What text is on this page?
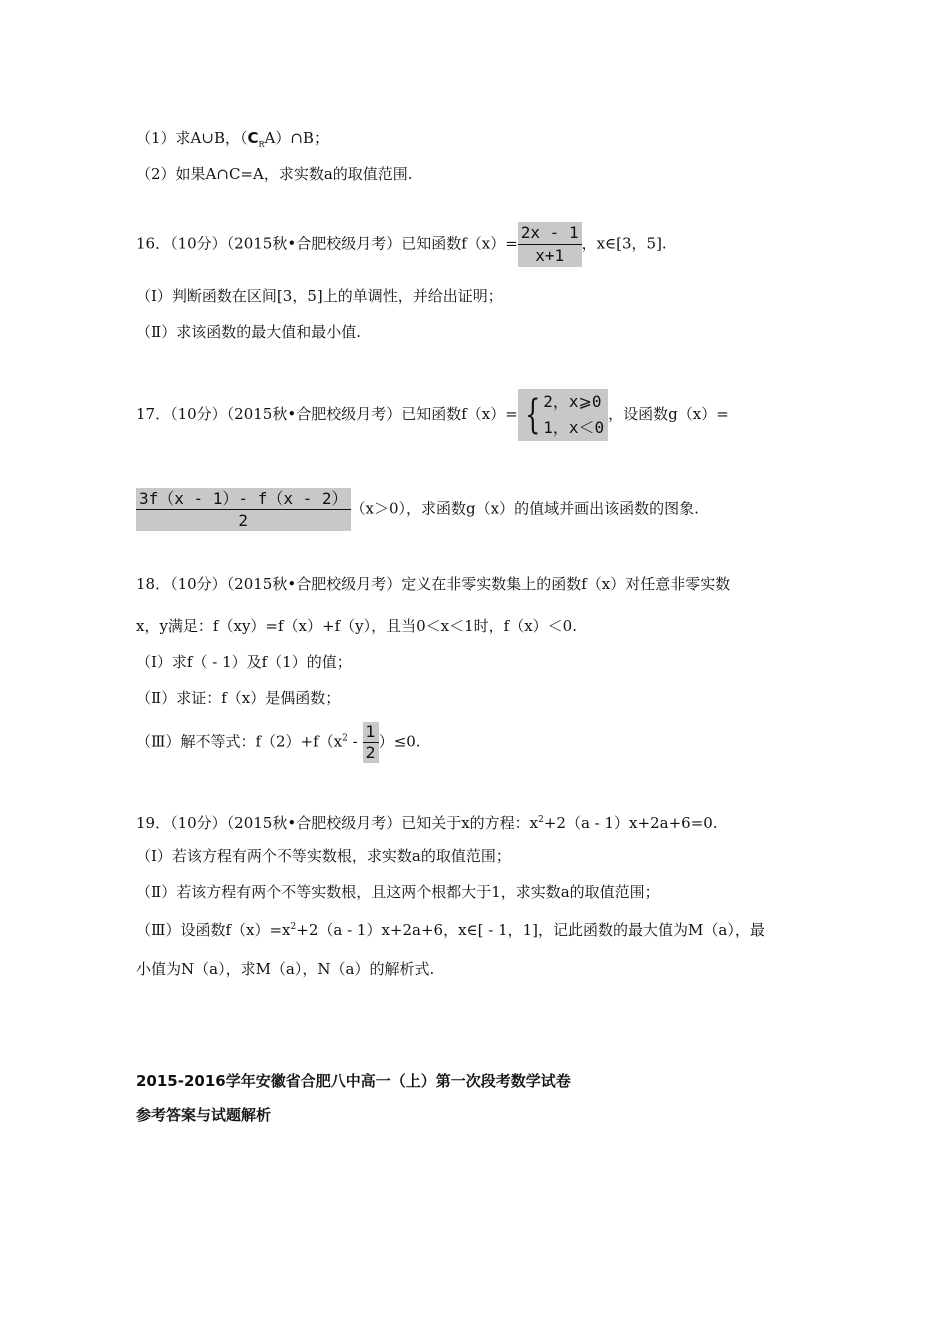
（1）求A∪B，$(C_RA)\cap B$；
（2）如果A∩C=A，求实数a的取值范围.
16．（10分）（2015秋•合肥校级月考）已知函数$f(x)= \frac{2x - 1}{x+1}$ ，x∈[3，5].
（Ⅰ）判断函数在区间[3，5]上的单调性，并给出证明；
（Ⅱ）求该函数的最大值和最小值.
17．（10分）（2015秋•合肥校级月考）已知函数f（x）= { 2，x⩾0
1，x＜0
，设函数g（x）=
$\frac{3f(x - 1)- f(x - 2)}{2} (x>0)$，求函数g（x）的值域并画出该函数的图象.
18．（10分）（2015秋•合肥校级月考）定义在非零实数集上的函数f（x）对任意非零实数
x，y满足：f（xy）=f（x）+f（y），且当0＜x＜1时，f（x）＜0.
（Ⅰ）求f（ - 1）及f（1）的值；
（Ⅱ）求证：f（x）是偶函数；
（Ⅲ）解不等式：$f(2)+f(x^2 - \frac{1}{2} )\le 0$.
19．（10分）（2015秋•合肥校级月考）已知关于x的方程：$x^2+2(a - 1)x+2a+6=0$.
（Ⅰ）若该方程有两个不等实数根，求实数a的取值范围；
（Ⅱ）若该方程有两个不等实数根，且这两个根都大于1，求实数a的取值范围；
（Ⅲ）设函数$f(x)=x^2+2(a - 1)x+2a+6$，x∈[ - 1，1]，记此函数的最大值为M（a），最
小值为N（a），求M（a），N（a）的解析式.
2015-2016学年安徽省合肥八中高一（上）第一次段考数学试卷
参考答案与试题解析
